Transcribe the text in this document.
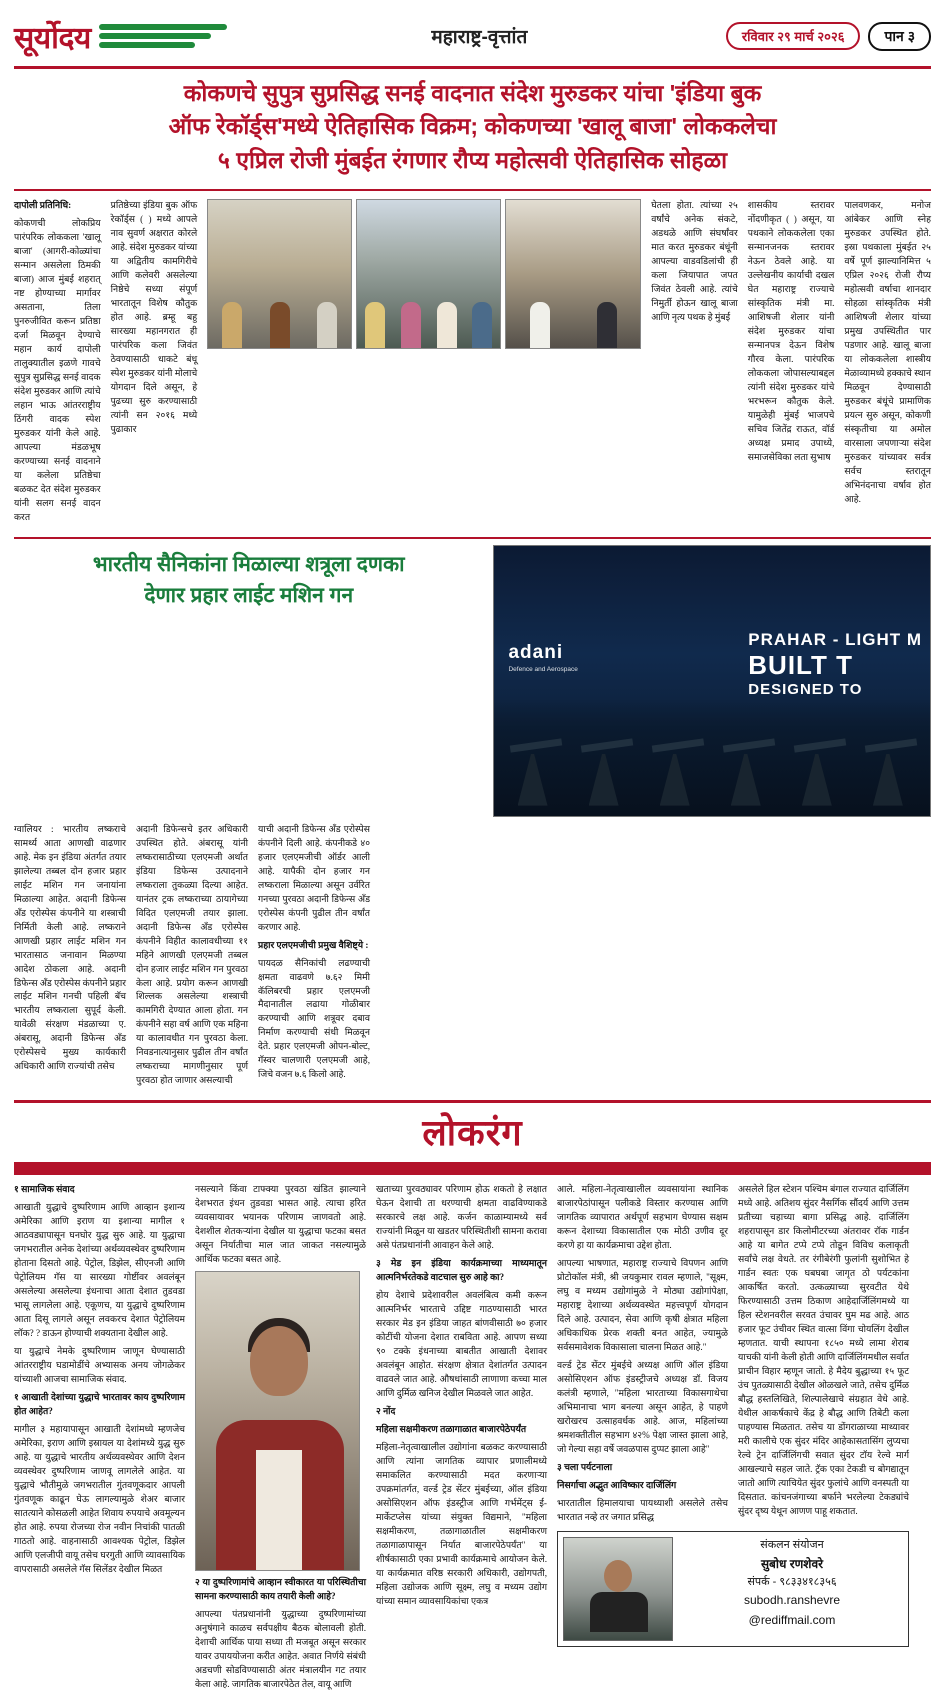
सूर्योदय	महाराष्ट्र-वृत्तांत	रविवार २९ मार्च २०२६	पान ३
कोकणचे सुपुत्र सुप्रसिद्ध सनई वादनात संदेश मुरुडकर यांचा 'इंडिया बुक
ऑफ रेकॉर्ड्स'मध्ये ऐतिहासिक विक्रम; कोकणच्या 'खालू बाजा' लोककलेचा
५ एप्रिल रोजी मुंबईत रंगणार रौप्य महोत्सवी ऐतिहासिक सोहळा

दापोली प्रतिनिधि:

कोकणची लोकप्रिय पारंपरिक लोककला 'खालू बाजा' (आगरी-कोळ्यांचा सन्मान असलेला ठिमकी बाजा) आज मुंबई शहरात् नष्ट होण्याच्या मार्गावर असताना, तिला पुनरुजीवित करून प्रतिष्ठा दर्जा मिळवून देण्याचे महान कार्य दापोली तालुक्यातील इळणे गावचे सुपुत्र सुप्रसिद्ध सनई वादक संदेश मुरुडकर आणि त्यांचे लहान भाऊ आंतरराष्ट्रीय ठिंगरी वादक स्पेश मुरुडकर यांनी केले आहे. आपल्या मंडळभूष करण्याच्या सनई वादनाने या कलेला प्रतिष्ठेचा बळकट देत संदेश मुरुडकर यांनी सलग सनई वादन करत

प्रतिष्ठेच्या इंडिया बुक ऑफ रेकॉर्ड्स ( ) मध्ये आपले नाव सुवर्ण अक्षरात कोरले आहे. संदेश मुरुडकर यांच्या या अद्वितीय कामगिरीचे आणि कलेवरी असलेल्या निष्ठेचे सध्या संपूर्ण भारतातून विशेष कौतुक होत आहे. ब्रम्हू बहु सारख्या महानगरात ही पारंपरिक कला जिवंत ठेवण्यासाठी धाकटे बंधू स्पेश मुरुडकर यांनी मोलाचे योगदान दिले असून, हे पुढच्या सुरु करण्यासाठी त्यांनी सन २०१६ मध्ये पुढाकार

घेतला होता. त्यांच्या २५ वर्षांचे अनेक संकटे, अडथळे आणि संघर्षांवर मात करत मुरुडकर बंधूंनी आपल्या वाडवडिलांची ही कला जियापात जपत जिवंत ठेवली आहे. त्यांचे निमुर्ती होऊन खालू बाजा आणि नृत्य पथक हे मुंबई

शासकीय स्तरावर नोंदणीकृत ( ) असून, या पथकाने लोककलेला एका सन्मानजनक स्तरावर नेऊन ठेवले आहे. या उल्लेखनीय कार्याची दखल घेत महाराष्ट्र राज्याचे सांस्कृतिक मंत्री मा. आशिषजी शेलार यांनी संदेश मुरुडकर यांचा सन्मानपत्र देऊन विशेष गौरव केला. पारंपरिक लोककला जोपासल्याबद्दल त्यांनी संदेश मुरुडकर यांचे भरभरून कौतुक केले. यामुळेही मुंबई भाजपचे सचिव जितेंद्र राऊत, वॉर्ड अध्यक्ष प्रमाद उपाध्ये, समाजसेविका लता सुभाष

पालवणकर, मनोज आंबेकर आणि स्नेह मुरुडकर उपस्थित होते. इस्रा पथकाला मुंबईत २५ वर्षे पूर्ण झाल्यानिमित्त ५ एप्रिल २०२६ रोजी रौप्य महोत्सवी वर्षाचा शानदार सोहळा सांस्कृतिक मंत्री आशिषजी शेलार यांच्या प्रमुख उपस्थितीत पार पडणार आहे. खालू बाजा या लोककलेला शास्त्रीय मेळाव्यामध्ये हक्काचे स्थान मिळवून देण्यासाठी मुरुडकर बंधूंचे प्रामाणिक प्रयत्न सुरु असून, कोकणी संस्कृतीचा या अमोल वारसाला जपणाऱ्या संदेश मुरुडकर यांच्यावर सर्वत्र सर्वच स्तरातून अभिनंदनाचा वर्षाव होत आहे.

भारतीय सैनिकांना मिळाल्या शत्रूला दणका
देणार प्रहार लाईट मशिन गन
adani
Defence and Aerospace
PRAHAR - LIGHT M
BUILT T
DESIGNED TO

ग्वालियर : भारतीय लष्कराचे सामर्थ्य आता आणखी वाढणार आहे. मेक इन इंडिया अंतर्गत तयार झालेल्या तब्बल दोन हजार प्रहार लाईट मशिन गन जनायांना मिळाल्या आहेत. अदानी डिफेन्स अँड एरोस्पेस कंपनीने या शस्त्राची निर्मिती केली आहे. लष्कराने आणखी प्रहार लाईट मशिन गन भारतासाठ जनावान मिळण्या आदेश ठोकला आहे. अदानी डिफेन्स अँड एरोस्पेस कंपनीने प्रहार लाईट मशिन गनची पहिली बॅच भारतीय लष्कराला सुपूर्द केली. यावेळी संरक्षण मंडळाच्या ए. अंबरासू, अदानी डिफेन्स अँड एरोस्पेसचे मुख्य कार्यकारी अधिकारी आणि राज्यांची तसेच

अदानी डिफेन्सचे इतर अधिकारी उपस्थित होते. अंबरासू यांनी लष्करासाठीच्या एलएमजी अर्थात इंडिया डिफेन्स उत्पादनाने लष्कराला तुकळ्या दिल्या आहेत. यानंतर ट्रक लष्कराच्या ठायागेच्या विदित एलएमजी तयार झाला. अदानी डिफेन्स अँड एरोस्पेस कंपनीने विहीत कालावधीच्या ११ महिने आणखी एलएमजी तब्बल दोन हजार लाईट मशिन गन पुरवठा केला आहे. प्रयोग करून आणखी शिल्लक असलेल्या शस्त्राची कामगिरी देण्यात आला होता. गन कंपनीने सहा वर्ष आणि एक महिना या कालावधीत गन पुरवठा केला. निवडनात्यानुसार पुढील तीन वर्षांत लष्कराच्या मागणीनुसार पूर्ण पुरवठा होत जाणार असल्याची

याची अदानी डिफेन्स अँड एरोस्पेस कंपनीने दिली आहे. कंपनीकडे ४० हजार एलएमजीची ऑर्डर आली आहे. यापैकी दोन हजार गन लष्कराला मिळाल्या असून उर्वरित गनच्या पुरवठा अदानी डिफेन्स अँड एरोस्पेस कंपनी पुढील तीन वर्षांत करणार आहे.

प्रहार एलएमजीची प्रमुख वैशिष्ट्ये :

पायदळ सैनिकांची लढण्याची क्षमता वाढवणे ७.६२ मिमी कॅलिबरची प्रहार एलएमजी मैदानातील लढाया गोळीबार करण्याची आणि शत्रूवर दबाव निर्माण करण्याची संधी मिळवून देते. प्रहार एलएमजी ओपन-बोल्ट, गॅस्वर चालणारी एलएमजी आहे, जिचे वजन ७.६ किलो आहे.

लोकरंग

१ सामाजिक संवाद

आखाती युद्धाचे दुष्परिणाम आणि आव्हान इशान्य अमेरिका आणि इराण या इशान्या मागील १ आठवड्यापासून घनघोर युद्ध सुरु आहे. या युद्धाचा जगभरातील अनेक देशांच्या अर्थव्यवस्थेवर दुष्परिणाम होताना दिसतो आहे. पेट्रोल, डिझेल, सीएनजी आणि पेट्रोलियम गॅस या सारख्या गोष्टींवर अवलंबून असलेल्या असलेल्या इंधनाचा आता देशात तुडवडा भासू लागलेला आहे. एकूणच, या युद्धाचे दुष्परिणाम आता दिसू लागले असून लवकरच देशात पेट्रोलियम लॉक? ? डाऊन होण्याची शक्यताना देखील आहे.

या युद्धाचे नेमके दुष्परिणाम जाणून घेण्यासाठी आंतरराष्ट्रीय घडामोडींचे अभ्यासक अनय जोगळेकर यांच्याशी आजचा सामाजिक संवाद.

१ आखाती देशांच्या युद्धाचे भारतावर काय दुष्परिणाम होत आहेत?

मागील ३ महायापासून आखाती देशांमध्ये म्हणजेच अमेरिका, इराण आणि इस्रायल या देशांमध्ये युद्ध सुरु आहे. या युद्धाचे भारतीय अर्थव्यवस्थेवर आणि देशन व्यवस्थेवर दुष्परिणाम जाणवू लागलेले आहेत. या युद्धाचे भौतीमुळे जगभरातील गुंतवणूकदार आपली गुंतवणूक काढून घेऊ लागल्यामुळे शेअर बाजार सातत्याने कोसळली आहेत शिवाय रुपयाचे अवमूल्यन होत आहे. रुपया रोजच्या रोज नवीन निचांकी पातळी गाठतो आहे. वाहनासाठी आवश्यक पेट्रोल, डिझेल आणि एलजीपी वायू तसेच घरगुती आणि व्यावसायिक वापरासाठी असलेले गॅस सिलेंडर देखील मिळत

नसल्याने किंवा टाफ्क्या पुरवठा खंडित झाल्याने देशभरात इंधन तुडवडा भासत आहे. त्याचा हरित व्यवसायावर भयानक परिणाम जाणवतो आहे. देशशील शेतकऱ्यांना देखील या युद्धाचा फटका बसत असून निर्यातीचा माल जात जाकत नसल्यामुळे आर्थिक फटका बसत आहे.

२ या दुष्परिणामांचे आव्हान स्वीकारत या परिस्थितीचा सामना करण्यासाठी काय तयारी केली आहे?

आपल्या पंतप्रधानांनी युद्धाच्या दुष्परिणामांच्या अनुषंगाने काळच सर्वपक्षीय बैठक बोलावली होती. देशाची आर्थिक पाया सध्या ती मजबूत असून सरकार यावर उपाययोजना करीत आहेत. अवात निर्णये संबंधी अडचणी सोडविण्यासाठी अंतर मंत्रालयीन गट तयार केला आहे. जागतिक बाजारपेठेत तेल, वायू आणि

खताच्या पुरवठ्यावर परिणाम होऊ शकतो हे लक्षात घेऊन देशाची ता धरण्याची क्षमता वाढविण्याकडे सरकारचे लक्ष आहे. कर्जन काळाम्यामध्ये सर्व राज्यांनी मिळून या खडतर परिस्थितीशी सामना करावा असे पंतप्रधानांनी आवाहन केले आहे.

३ मेड इन इंडिया कार्यक्रमाच्या माध्यमातून आत्मनिर्भरतेकडे वाटचाल सुरु आहे का?

होय देशाचे प्रदेशावरील अवलंबित्व कमी करून आत्मनिर्भर भारताचे उद्दिष्ट गाठण्यासाठी भारत सरकार मेड इन इंडिया जाहत बांणवीसाठी ७० हजार कोटींची योजना देशात राबविता आहे. आपण सध्या ९० टक्के इंधनाच्या बाबतीत आखाती देशावर अवलंबून आहोत. संरक्षण क्षेत्रात देशांतर्गत उत्पादन वाढवले जात आहे. औषधांसाठी लाणाणा कच्चा माल आणि दुर्मिळ खनिज देखील मिळवले जात आहेत.

२ नोंद

महिला सक्षमीकरण तळागाळात बाजारपेठेपर्यंत

महिला-नेतृत्वाखालील उद्योगांना बळकट करण्यासाठी आणि त्यांना जागतिक व्यापार प्रणालीमध्ये समाकलित करण्यासाठी मदत करणाऱ्या उपक्रमांतर्गत, वर्ल्ड ट्रेड सेंटर मुंबईच्या, ऑल इंडिया असोसिएशन ऑफ इंडस्ट्रीज आणि गर्भमेंट्स ई-मार्केटप्लेस यांच्या संयुक्त विद्यमाने, "महिला सक्षमीकरण, तळागाळातील सक्षमीकरण तळागाळापासून निर्यात बाजारपेठेपर्यंत" या शीर्षकासाठी एका प्रभावी कार्यक्रमाचे आयोजन केले. या कार्यक्रमात वरिष्ठ सरकारी अधिकारी, उद्योगपती, महिला उद्योजक आणि सूक्ष्म, लघु व मध्यम उद्योग यांच्या समान व्यावसायिकांचा एकत्र

आले. महिला-नेतृत्वाखालील व्यवसायांना स्थानिक बाजारपेठांपासून पलीकडे विस्तार करण्यास आणि जागतिक व्यापारात अर्थपूर्ण सहभाग घेण्यास सक्षम करून देशाच्या विकासातील एक मोठी उणीव दूर करणे हा या कार्यक्रमाचा उद्देश होता.

आपल्या भाषणात, महाराष्ट्र राज्याचे विपणन आणि प्रोटोकॉल मंत्री, श्री जयकुमार रावल म्हणाले, "सूक्ष्म, लघु व मध्यम उद्योगांमुळे ने मोठ्या उद्योगांपेक्षा, महाराष्ट्र देशाच्या अर्थव्यवस्थेत महत्त्वपूर्ण योगदान दिले आहे. उत्पादन, सेवा आणि कृषी क्षेत्रात महिला अधिकाधिक प्रेरक शक्ती बनत आहेत, ज्यामुळे सर्वसमावेशक विकासाला चालना मिळत आहे."

वर्ल्ड ट्रेड सेंटर मुंबईचे अध्यक्ष आणि ऑल इंडिया असोसिएशन ऑफ इंडस्ट्रीजचे अध्यक्ष डॉ. विजय कलंत्री म्हणाले, "महिला भारताच्या विकासगाथेचा अभिमानाचा भाग बनल्या असून आहेत, हे पाहणे खरोखरच उत्साहवर्धक आहे. आज, महिलांच्या श्रमशक्तीतील सहभाग ४२% पेक्षा जास्त झाला आहे, जो गेल्या सहा वर्षे जवळपास दुप्पट झाला आहे"

३ चला पर्यटनाला

निसर्गाचा अद्भुत आविष्कार दार्जिलिंग

भारतातील हिमालयाचा पायथ्याशी असलेले तसेच भारतात नव्हे तर जगात प्रसिद्ध

संकलन संयोजन
सुबोध रणशेवरे
संपर्क - ९८३३४१८३५६
subodh.ranshevre
@rediffmail.com

असलेले हिल स्टेशन पश्चिम बंगाल राज्यात दार्जिलिंग मध्ये आहे. अतिशय सुंदर नैसर्गिक सौंदर्य आणि उत्तम प्रतीच्या चहाच्या बागा प्रसिद्ध आहे. दार्जिलिंग शहरापासून डार किलोमीटरच्या अंतरावर रॉक गार्डन आहे या बागेत टप्पे टप्पे तोडून विविध कलाकृती सर्वांचे लक्ष वेधते. तर रंगीबेरंगी फुलांनी सुशोभित हे गार्डन स्वतः एक घबघबा जागृत ठो पर्यटकांना आकर्षित करतो. उत्कळ्याच्या सुरवटीत येथे फिरण्यासाठी उत्तम ठिकाण आहेदार्जिलिंगमध्ये या हिल स्टेशनवरील सरवत उंचावर घुम मढ आहे. आठ हजार फूट उंचीवर स्थित वात्सा विंगा चोयलिंग देखील म्हणतात. याची स्थापना १८५० मध्ये लामा शेराब याचकी यांनी केली होती आणि दार्जिलिंगमधील सर्वात प्राचीन विहार म्हणून जातो. हे मैदेय बुद्धाच्या १५ फूट उंच पुतळ्यासाठी देखील ओळखले जाते, तसेच दुर्मिळ बौद्ध हस्तलिखिते, शिल्पालेखाचे संग्रहात वेधे आहे. येथील आकर्षकाचे केंद्र हे बौद्ध आणि तिबेटी कला पाहण्यास मिळतात. तसेच या डोंगराळाच्या माथ्यावर मरी कालीचे एक सुंदर मंदिर आहेकासतासिंग लुप्यचा रेल्वे ट्रेन दार्जिलिंगची सवात सुंदर टॉय रेल्वे मार्ग आखल्याचे सहल जाते. ट्रॅक एका टेकडी च बोगद्यातून जातो आणि त्याचियेत सुंदर फुलांचे आणि वनस्पती या दिसतात. कांचनजंगाच्या बर्फाने भरलेल्या टेकड्यांचे सुंदर दृष्य येथून आणण पाहू शकतात.
